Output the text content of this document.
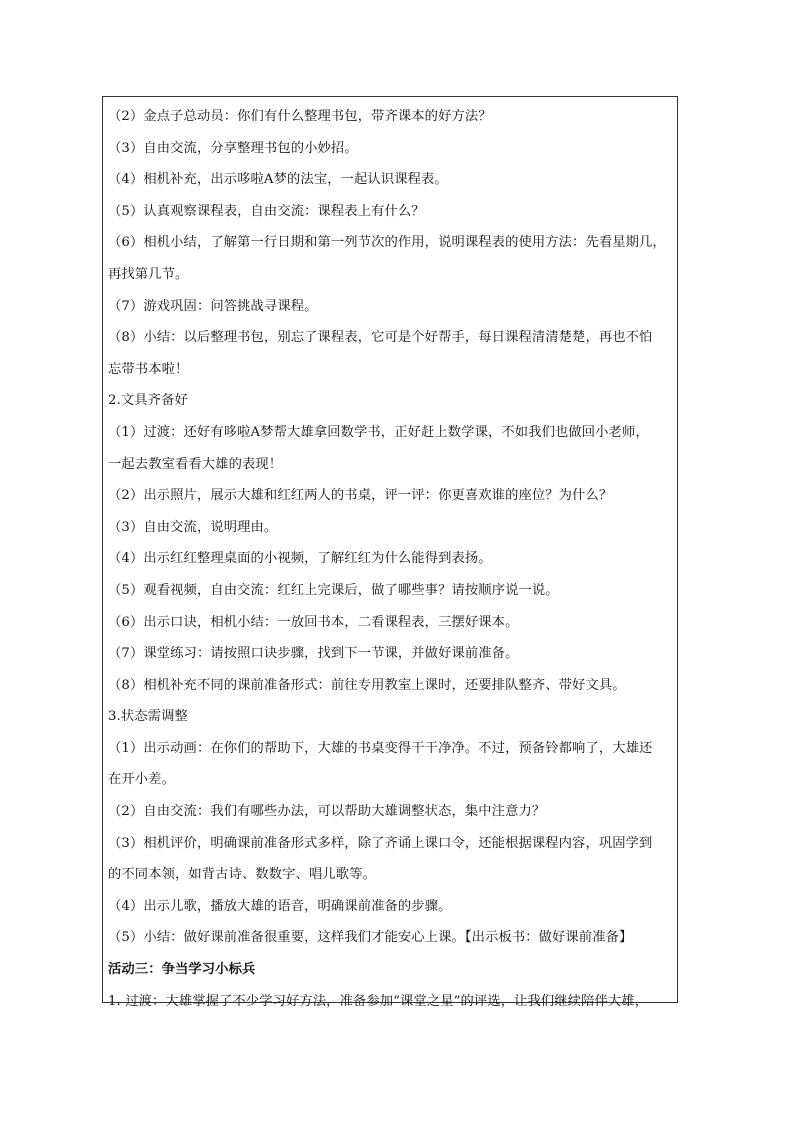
（2）金点子总动员：你们有什么整理书包，带齐课本的好方法？
（3）自由交流，分享整理书包的小妙招。
（4）相机补充，出示哆啦A梦的法宝，一起认识课程表。
（5）认真观察课程表，自由交流：课程表上有什么？
（6）相机小结，了解第一行日期和第一列节次的作用，说明课程表的使用方法：先看星期几，
再找第几节。
（7）游戏巩固：问答挑战寻课程。
（8）小结：以后整理书包，别忘了课程表，它可是个好帮手，每日课程清清楚楚，再也不怕
忘带书本啦！
2.文具齐备好
（1）过渡：还好有哆啦A梦帮大雄拿回数学书，正好赶上数学课，不如我们也做回小老师，
一起去教室看看大雄的表现！
（2）出示照片，展示大雄和红红两人的书桌，评一评：你更喜欢谁的座位？为什么？
（3）自由交流，说明理由。
（4）出示红红整理桌面的小视频，了解红红为什么能得到表扬。
（5）观看视频，自由交流：红红上完课后，做了哪些事？请按顺序说一说。
（6）出示口诀，相机小结：一放回书本，二看课程表，三摆好课本。
（7）课堂练习：请按照口诀步骤，找到下一节课，并做好课前准备。
（8）相机补充不同的课前准备形式：前往专用教室上课时，还要排队整齐、带好文具。
3.状态需调整
（1）出示动画：在你们的帮助下，大雄的书桌变得干干净净。不过，预备铃都响了，大雄还
在开小差。
（2）自由交流：我们有哪些办法，可以帮助大雄调整状态，集中注意力？
（3）相机评价，明确课前准备形式多样，除了齐诵上课口令，还能根据课程内容，巩固学到
的不同本领，如背古诗、数数字、唱儿歌等。
（4）出示儿歌，播放大雄的语音，明确课前准备的步骤。
（5）小结：做好课前准备很重要，这样我们才能安心上课。【出示板书：做好课前准备】
活动三：争当学习小标兵
1. 过渡：大雄掌握了不少学习好方法，准备参加“课堂之星”的评选，让我们继续陪伴大雄，
